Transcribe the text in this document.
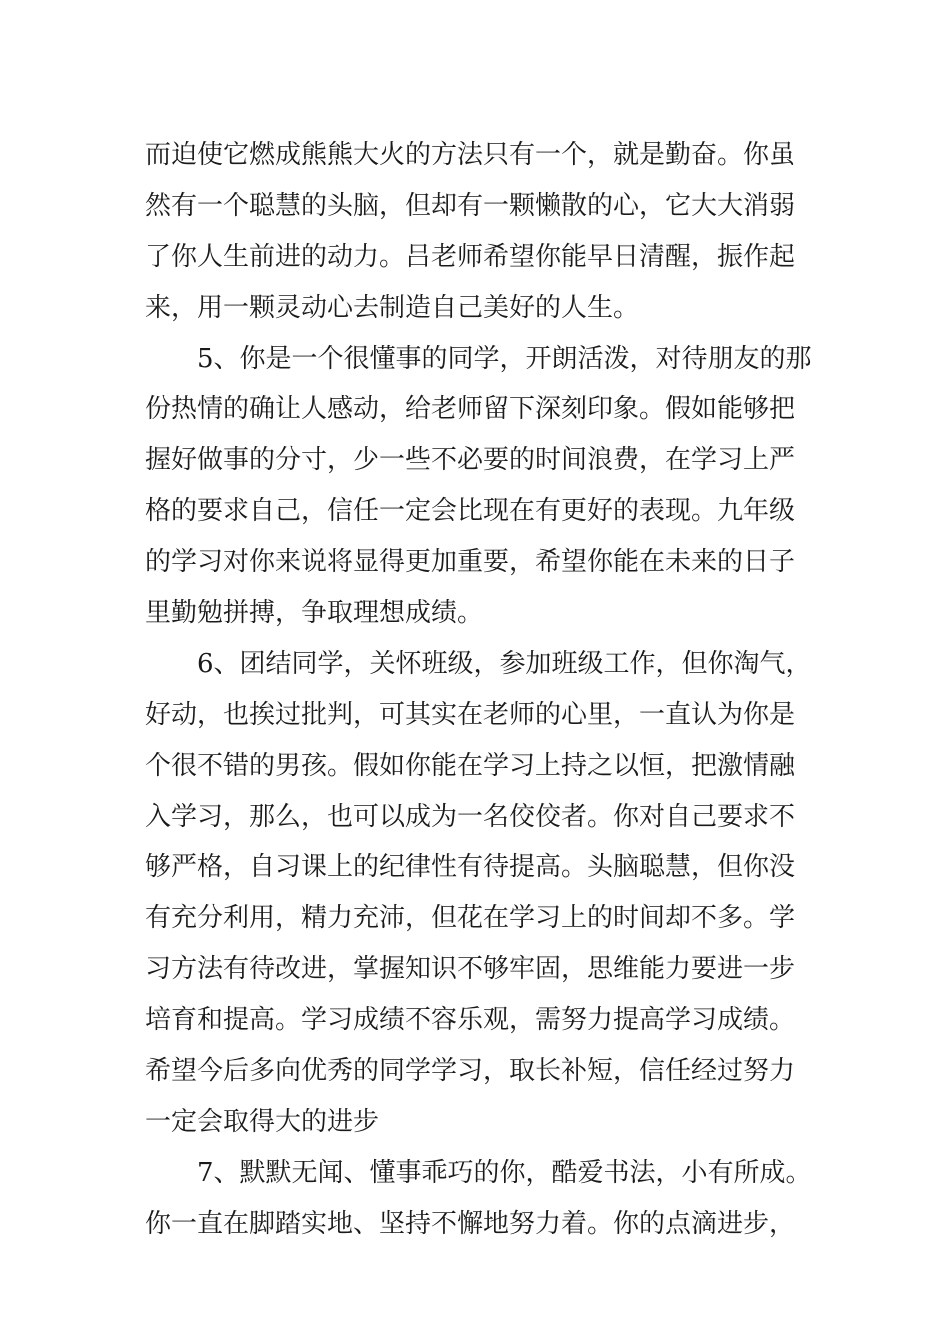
而迫使它燃成熊熊大火的方法只有一个，就是勤奋。你虽
然有一个聪慧的头脑，但却有一颗懒散的心，它大大消弱
了你人生前进的动力。吕老师希望你能早日清醒，振作起
来，用一颗灵动心去制造自己美好的人生。
5、你是一个很懂事的同学，开朗活泼，对待朋友的那
份热情的确让人感动，给老师留下深刻印象。假如能够把
握好做事的分寸，少一些不必要的时间浪费，在学习上严
格的要求自己，信任一定会比现在有更好的表现。九年级
的学习对你来说将显得更加重要，希望你能在未来的日子
里勤勉拼搏，争取理想成绩。
6、团结同学，关怀班级，参加班级工作，但你淘气，
好动，也挨过批判，可其实在老师的心里，一直认为你是
个很不错的男孩。假如你能在学习上持之以恒，把激情融
入学习，那么，也可以成为一名佼佼者。你对自己要求不
够严格，自习课上的纪律性有待提高。头脑聪慧，但你没
有充分利用，精力充沛，但花在学习上的时间却不多。学
习方法有待改进，掌握知识不够牢固，思维能力要进一步
培育和提高。学习成绩不容乐观，需努力提高学习成绩。
希望今后多向优秀的同学学习，取长补短，信任经过努力
一定会取得大的进步
7、默默无闻、懂事乖巧的你，酷爱书法，小有所成。
你一直在脚踏实地、坚持不懈地努力着。你的点滴进步，
